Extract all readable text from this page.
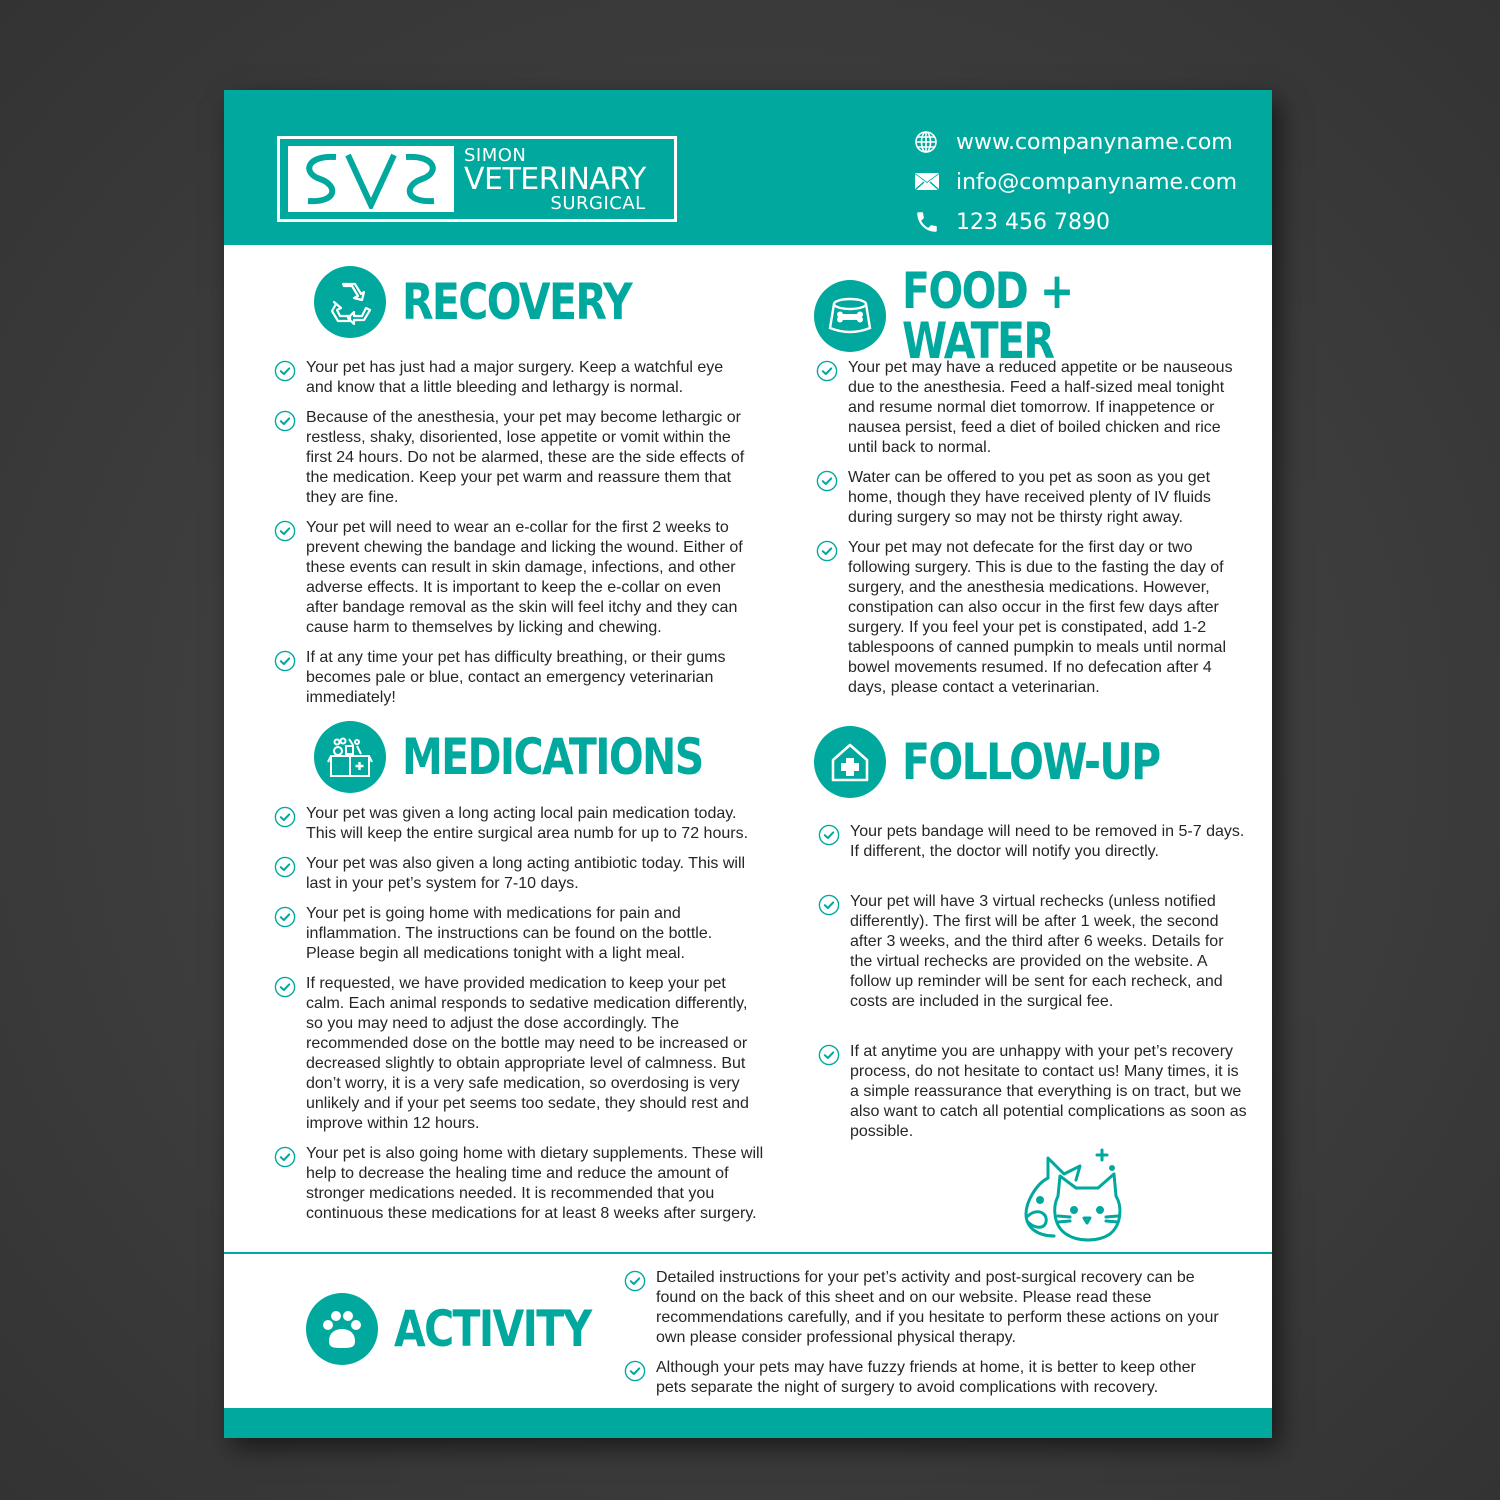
SIMON
VETERINARY
SURGICAL
www.companyname.com
info@companyname.com
123 456 7890
RECOVERY
Your pet has just had a major surgery. Keep a watchful eye and know that a little bleeding and lethargy is normal.
Because of the anesthesia, your pet may become lethargic or restless, shaky, disoriented, lose appetite or vomit within the first 24 hours. Do not be alarmed, these are the side effects of the medication. Keep your pet warm and reassure them that they are fine.
Your pet will need to wear an e-collar for the first 2 weeks to prevent chewing the bandage and licking the wound. Either of these events can result in skin damage, infections, and other adverse effects. It is important to keep the e-collar on even after bandage removal as the skin will feel itchy and they can cause harm to themselves by licking and chewing.
If at any time your pet has difficulty breathing, or their gums becomes pale or blue, contact an emergency veterinarian immediately!
FOOD + WATER
Your pet may have a reduced appetite or be nauseous due to the anesthesia. Feed a half-sized meal tonight and resume normal diet tomorrow. If inappetence or nausea persist, feed a diet of boiled chicken and rice until back to normal.
Water can be offered to you pet as soon as you get home, though they have received plenty of IV fluids during surgery so may not be thirsty right away.
Your pet may not defecate for the first day or two following surgery. This is due to the fasting the day of surgery, and the anesthesia medications. However, constipation can also occur in the first few days after surgery. If you feel your pet is constipated, add 1-2 tablespoons of canned pumpkin to meals until normal bowel movements resumed. If no defecation after 4 days, please contact a veterinarian.
MEDICATIONS
Your pet was given a long acting local pain medication today. This will keep the entire surgical area numb for up to 72 hours.
Your pet was also given a long acting antibiotic today. This will last in your pet’s system for 7-10 days.
Your pet is going home with medications for pain and inflammation. The instructions can be found on the bottle. Please begin all medications tonight with a light meal.
If requested, we have provided medication to keep your pet calm. Each animal responds to sedative medication differently, so you may need to adjust the dose accordingly. The recommended dose on the bottle may need to be increased or decreased slightly to obtain appropriate level of calmness. But don’t worry, it is a very safe medication, so overdosing is very unlikely and if your pet seems too sedate, they should rest and improve within 12 hours.
Your pet is also going home with dietary supplements. These will help to decrease the healing time and reduce the amount of stronger medications needed. It is recommended that you continuous these medications for at least 8 weeks after surgery.
FOLLOW-UP
Your pets bandage will need to be removed in 5-7 days. If different, the doctor will notify you directly.
Your pet will have 3 virtual rechecks (unless notified differently). The first will be after 1 week, the second after 3 weeks, and the third after 6 weeks. Details for the virtual rechecks are provided on the website. A follow up reminder will be sent for each recheck, and costs are included in the surgical fee.
If at anytime you are unhappy with your pet’s recovery process, do not hesitate to contact us! Many times, it is a simple reassurance that everything is on tract, but we also want to catch all potential complications as soon as possible.
ACTIVITY
Detailed instructions for your pet’s activity and post-surgical recovery can be found on the back of this sheet and on our website. Please read these recommendations carefully, and if you hesitate to perform these actions on your own please consider professional physical therapy.
Although your pets may have fuzzy friends at home, it is better to keep other pets separate the night of surgery to avoid complications with recovery.
